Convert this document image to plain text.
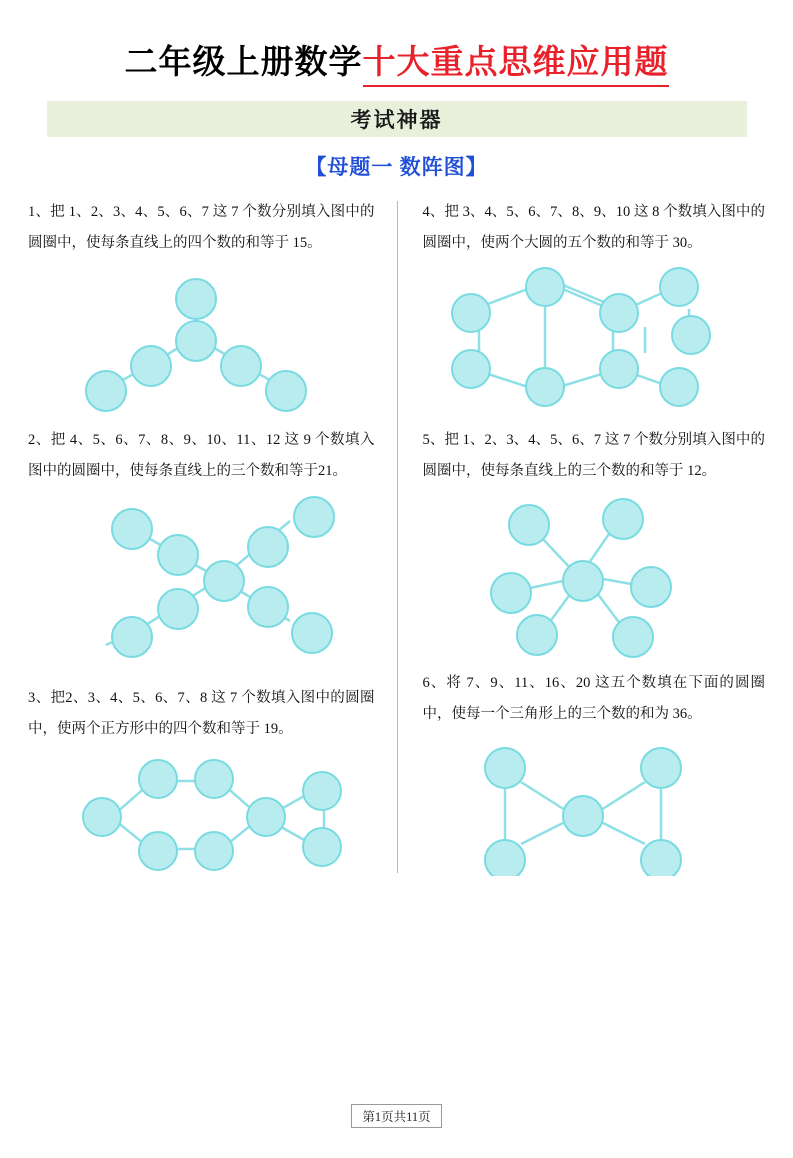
二年级上册数学 十大重点思维应用题
考试神器
【母题一 数阵图】
1、把 1、2、3、4、5、6、7 这 7 个数分别填入图中的圆圈中，使每条直线上的四个数的和等于 15。
2、把 4、5、6、7、8、9、10、11、12 这 9 个数填入图中的圆圈中，使每条直线上的三个数和等于21。
3、把2、3、4、5、6、7、8 这 7 个数填入图中的圆圈中，使两个正方形中的四个数和等于 19。
4、把 3、4、5、6、7、8、9、10 这 8 个数填入图中的圆圈中，使两个大圆的五个数的和等于 30。
5、把 1、2、3、4、5、6、7 这 7 个数分别填入图中的圆圈中，使每条直线上的三个数的和等于 12。
6、将 7、9、11、16、20 这五个数填在下面的圆圈中，使每一个三角形上的三个数的和为 36。
第1页共11页
